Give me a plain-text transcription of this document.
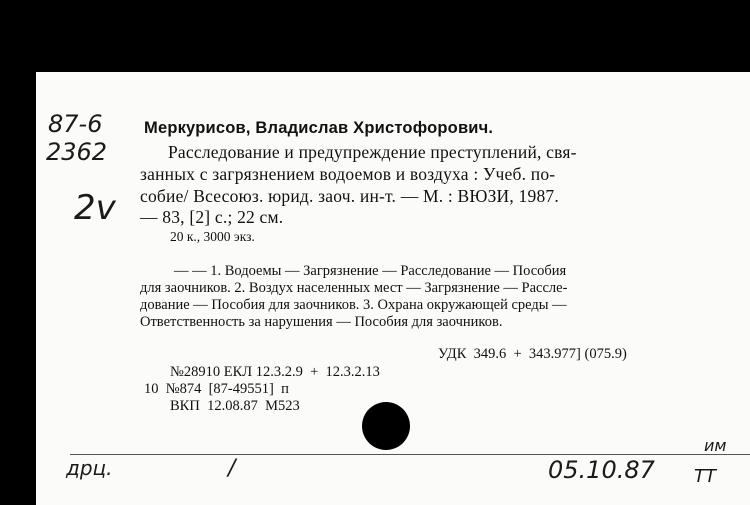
87-6
2362
2v
Меркурисов, Владислав Христофорович.
Расследование и предупреждение преступлений, свя-
занных с загрязнением водоемов и воздуха : Учеб. по-
собие/ Всесоюз. юрид. заоч. ин-т. — М. : ВЮЗИ, 1987.
— 83, [2] с.; 22 см.
20 к., 3000 экз.
— — 1. Водоемы — Загрязнение — Расследование — Пособия
для заочников. 2. Воздух населенных мест — Загрязнение — Рассле-
дование — Пособия для заочников. 3. Охрана окружающей среды —
Ответственность за нарушения — Пособия для заочников.
УДК  349.6  +  343.977] (075.9)
№28910 ЕКЛ 12.3.2.9  +  12.3.2.13
10  №874  [87-49551]  п
ВКП  12.08.87  М523
дрц.	/	05.10.87
им
TT
